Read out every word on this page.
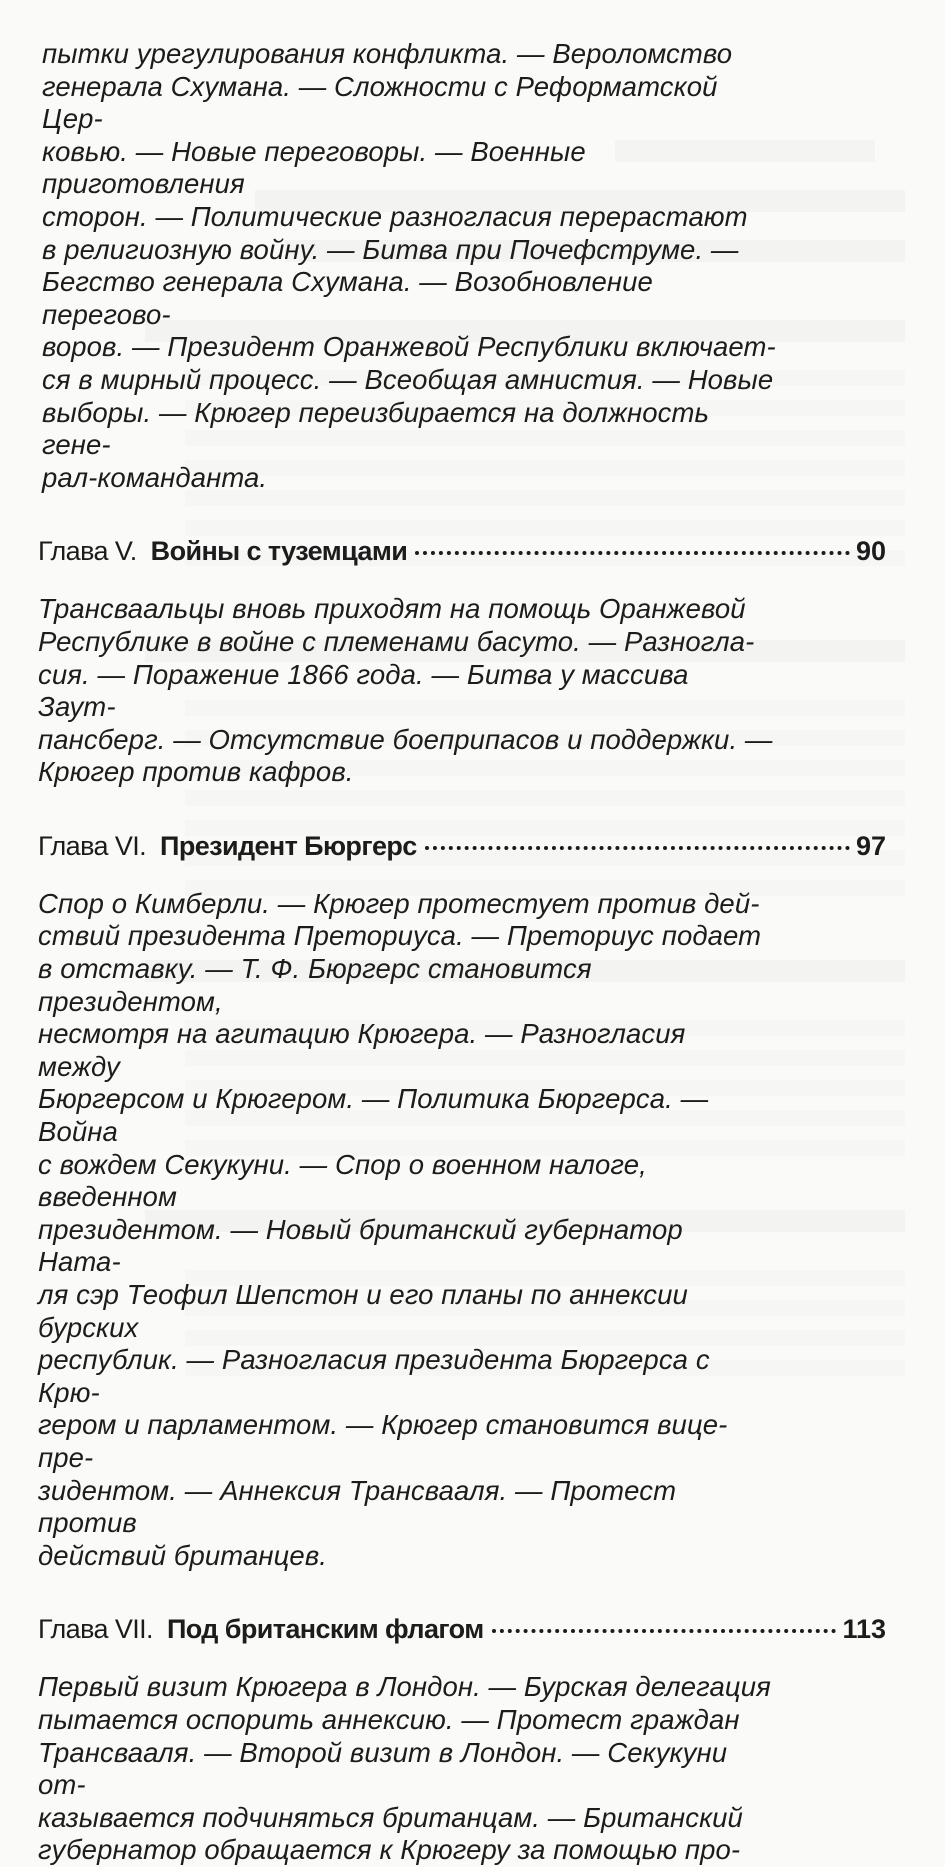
пытки урегулирования конфликта. — Вероломство
генерала Схумана. — Сложности с Реформатской Цер-
ковью. — Новые переговоры. — Военные приготовления
сторон. — Политические разногласия перерастают
в религиозную войну. — Битва при Почефструме. —
Бегство генерала Схумана. — Возобновление перегово-
воров. — Президент Оранжевой Республики включает-
ся в мирный процесс. — Всеобщая амнистия. — Новые
выборы. — Крюгер переизбирается на должность гене-
рал-команданта.

Глава V. Войны с туземцами	90

Трансваальцы вновь приходят на помощь Оранжевой
Республике в войне с племенами басуто. — Разногла-
сия. — Поражение 1866 года. — Битва у массива Заут-
пансберг. — Отсутствие боеприпасов и поддержки. —
Крюгер против кафров.

Глава VI. Президент Бюргерс	97

Спор о Кимберли. — Крюгер протестует против дей-
ствий президента Преториуса. — Преториус подает
в отставку. — Т. Ф. Бюргерс становится президентом,
несмотря на агитацию Крюгера. — Разногласия между
Бюргерсом и Крюгером. — Политика Бюргерса. — Война
с вождем Секукуни. — Спор о военном налоге, введенном
президентом. — Новый британский губернатор Ната-
ля сэр Теофил Шепстон и его планы по аннексии бурских
республик. — Разногласия президента Бюргерса с Крю-
гером и парламентом. — Крюгер становится вице-пре-
зидентом. — Аннексия Трансвааля. — Протест против
действий британцев.

Глава VII. Под британским флагом	113

Первый визит Крюгера в Лондон. — Бурская делегация
пытается оспорить аннексию. — Протест граждан
Трансвааля. — Второй визит в Лондон. — Секукуни от-
казывается подчиняться британцам. — Британский
губернатор обращается к Крюгеру за помощью про-
